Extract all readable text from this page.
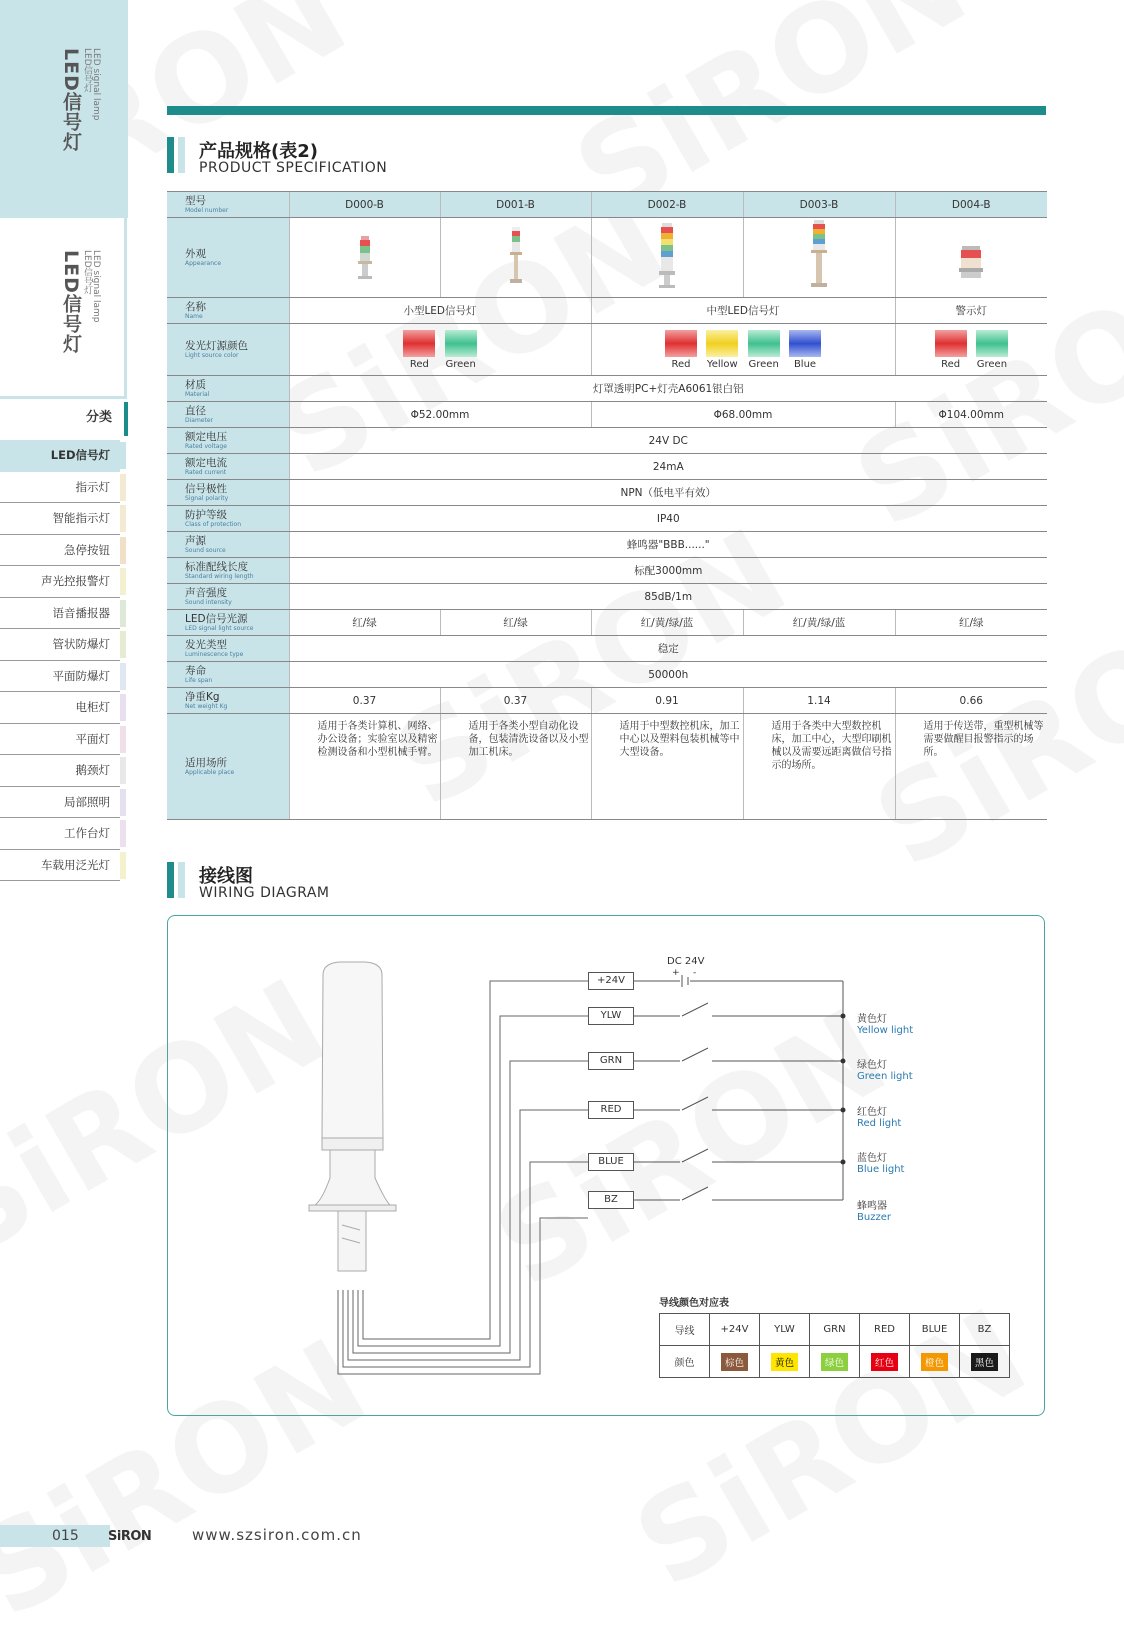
LED信号灯	LED signal lamp
LED信号灯
LED信号灯	LED signal lamp
LED信号灯
分类
LED信号灯
指示灯
智能指示灯
急停按钮
声光控报警灯
语音播报器
管状防爆灯
平面防爆灯
电柜灯
平面灯
鹅颈灯
局部照明
工作台灯
车载用泛光灯
产品规格(表2)
PRODUCT SPECIFICATION
型号
Model number	D000-B	D001-B	D002-B	D003-B	D004-B

外观
Appearance

名称
Name	小型LED信号灯		中型LED信号灯		警示灯

发光灯源颜色
Light source color	Red Green		Red Yellow Green Blue		Red Green

材质
Material	灯罩透明PC+灯壳A6061银白铝				

直径
Diameter	Φ52.00mm		Φ68.00mm		Φ104.00mm

额定电压
Rated voltage	24V DC				

额定电流
Rated current	24mA				

信号极性
Signal polarity	NPN（低电平有效）				

防护等级
Class of protection	IP40				

声源
Sound source	蜂鸣器"BBB......"				

标准配线长度
Standard wiring length	标配3000mm				

声音强度
Sound intensity	85dB/1m				

LED信号光源
LED signal light source	红/绿	红/绿	红/黄/绿/蓝	红/黄/绿/蓝	红/绿

发光类型
Luminescence type	稳定				

寿命
Life span	50000h				

净重Kg
Net weight Kg	0.37	0.37	0.91	1.14	0.66

适用场所
Applicable place	适用于各类计算机、网络、办公设备；实验室以及精密检测设备和小型机械手臂。	适用于各类小型自动化设备，包装清洗设备以及小型加工机床。	适用于中型数控机床，加工中心以及塑料包装机械等中大型设备。	适用于各类中大型数控机床，加工中心，大型印刷机械以及需要远距离做信号指示的场所。	适用于传送带，重型机械等需要做醒目报警指示的场所。
接线图
WIRING DIAGRAM
DC 24V
+ -
+24V
YLW
GRN
RED
BLUE
BZ
黄色灯
Yellow light
绿色灯
Green light
红色灯
Red light
蓝色灯
Blue light
蜂鸣器
Buzzer
导线颜色对应表
导线	+24V	YLW	GRN	RED	BLUE	BZ
颜色	棕色	黄色	绿色	红色	橙色	黑色
015	SiRON	www.szsiron.com.cn
